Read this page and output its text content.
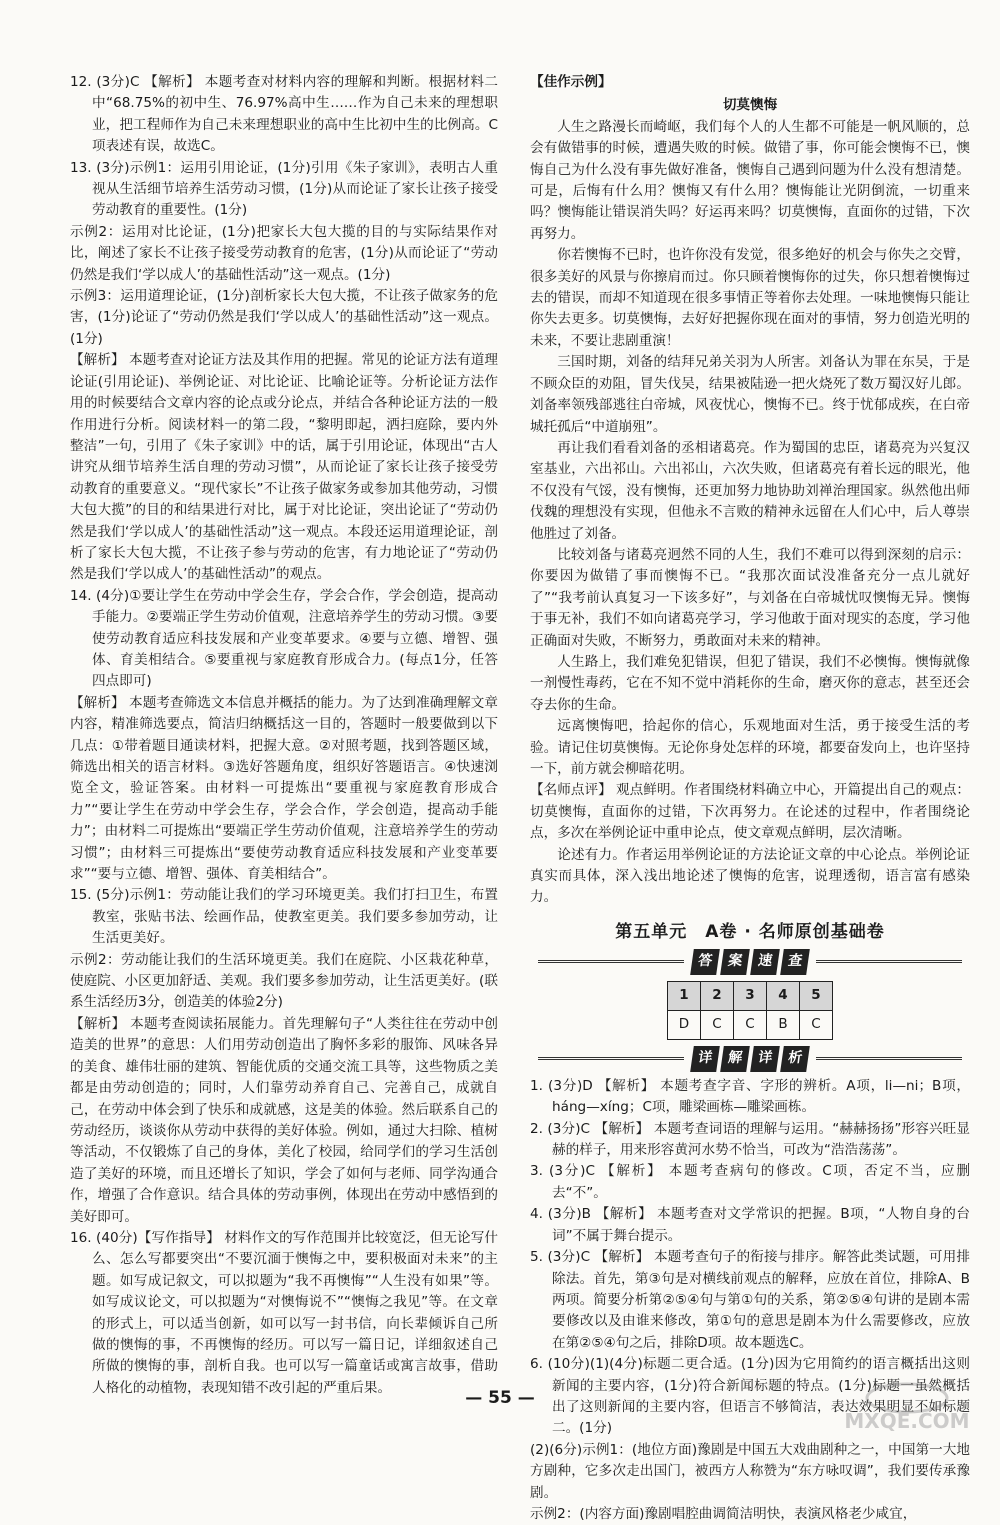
12. (3分)C 【解析】 本题考查对材料内容的理解和判断。根据材料二中“68.75%的初中生、76.97%高中生……作为自己未来的理想职业，把工程师作为自己未来理想职业的高中生比初中生的比例高。C项表述有误，故选C。

13. (3分)示例1：运用引用论证，(1分)引用《朱子家训》，表明古人重视从生活细节培养生活劳动习惯，(1分)从而论证了家长让孩子接受劳动教育的重要性。(1分)

示例2：运用对比论证，(1分)把家长大包大揽的目的与实际结果作对比，阐述了家长不让孩子接受劳动教育的危害，(1分)从而论证了“劳动仍然是我们‘学以成人’的基础性活动”这一观点。(1分)

示例3：运用道理论证，(1分)剖析家长大包大揽，不让孩子做家务的危害，(1分)论证了“劳动仍然是我们‘学以成人’的基础性活动”这一观点。(1分)

【解析】 本题考查对论证方法及其作用的把握。常见的论证方法有道理论证(引用论证)、举例论证、对比论证、比喻论证等。分析论证方法作用的时候要结合文章内容的论点或分论点，并结合各种论证方法的一般作用进行分析。阅读材料一的第二段，“黎明即起，洒扫庭除，要内外整洁”一句，引用了《朱子家训》中的话，属于引用论证，体现出“古人讲究从细节培养生活自理的劳动习惯”，从而论证了家长让孩子接受劳动教育的重要意义。“现代家长”不让孩子做家务或参加其他劳动，习惯大包大揽”的目的和结果进行对比，属于对比论证，突出论证了“劳动仍然是我们‘学以成人’的基础性活动”这一观点。本段还运用道理论证，剖析了家长大包大揽，不让孩子参与劳动的危害，有力地论证了“劳动仍然是我们‘学以成人’的基础性活动”的观点。

14. (4分)①要让学生在劳动中学会生存，学会合作，学会创造，提高动手能力。②要端正学生劳动价值观，注意培养学生的劳动习惯。③要使劳动教育适应科技发展和产业变革要求。④要与立德、增智、强体、育美相结合。⑤要重视与家庭教育形成合力。(每点1分，任答四点即可)

【解析】 本题考查筛选文本信息并概括的能力。为了达到准确理解文章内容，精准筛选要点，简洁归纳概括这一目的，答题时一般要做到以下几点：①带着题目通读材料，把握大意。②对照考题，找到答题区域，筛选出相关的语言材料。③选好答题角度，组织好答题语言。④快速浏览全文，验证答案。由材料一可提炼出“要重视与家庭教育形成合力”“要让学生在劳动中学会生存，学会合作，学会创造，提高动手能力”；由材料二可提炼出“要端正学生劳动价值观，注意培养学生的劳动习惯”；由材料三可提炼出“要使劳动教育适应科技发展和产业变革要求”“要与立德、增智、强体、育美相结合”。

15. (5分)示例1：劳动能让我们的学习环境更美。我们打扫卫生，布置教室，张贴书法、绘画作品，使教室更美。我们要多参加劳动，让生活更美好。

示例2：劳动能让我们的生活环境更美。我们在庭院、小区栽花种草，使庭院、小区更加舒适、美观。我们要多参加劳动，让生活更美好。(联系生活经历3分，创造美的体验2分)

【解析】 本题考查阅读拓展能力。首先理解句子“人类往往在劳动中创造美的世界”的意思：人们用劳动创造出了胸怀多彩的服饰、风味各异的美食、雄伟壮丽的建筑、智能优质的交通交流工具等，这些物质之美都是由劳动创造的；同时，人们靠劳动养育自己、完善自己，成就自己，在劳动中体会到了快乐和成就感，这是美的体验。然后联系自己的劳动经历，谈谈你从劳动中获得的美好体验。例如，通过大扫除、植树等活动，不仅锻炼了自己的身体，美化了校园，给同学们的学习生活创造了美好的环境，而且还增长了知识，学会了如何与老师、同学沟通合作，增强了合作意识。结合具体的劳动事例，体现出在劳动中感悟到的美好即可。

16. (40分)【写作指导】 材料作文的写作范围并比较宽泛，但无论写什么、怎么写都要突出“不要沉湎于懊悔之中，要积极面对未来”的主题。如写成记叙文，可以拟题为“我不再懊悔”“人生没有如果”等。如写成议论文，可以拟题为“对懊悔说不”“懊悔之我见”等。在文章的形式上，可以适当创新，如可以写一封书信，向长辈倾诉自己所做的懊悔的事，不再懊悔的经历。可以写一篇日记，详细叙述自己所做的懊悔的事，剖析自我。也可以写一篇童话或寓言故事，借助人格化的动植物，表现知错不改引起的严重后果。

【佳作示例】

切莫懊悔

人生之路漫长而崎岖，我们每个人的人生都不可能是一帆风顺的，总会有做错事的时候，遭遇失败的时候。做错了事，你可能会懊悔不已，懊悔自己为什么没有事先做好准备，懊悔自己遇到问题为什么没有想清楚。可是，后悔有什么用？懊悔又有什么用？懊悔能让光阴倒流，一切重来吗？懊悔能让错误消失吗？好运再来吗？切莫懊悔，直面你的过错，下次再努力。

你若懊悔不已时，也许你没有发觉，很多绝好的机会与你失之交臂，很多美好的风景与你擦肩而过。你只顾着懊悔你的过失，你只想着懊悔过去的错误，而却不知道现在很多事情正等着你去处理。一味地懊悔只能让你失去更多。切莫懊悔，去好好把握你现在面对的事情，努力创造光明的未来，不要让悲剧重演！

三国时期，刘备的结拜兄弟关羽为人所害。刘备认为罪在东吴，于是不顾众臣的劝阻，冒失伐吴，结果被陆逊一把火烧死了数万蜀汉好儿郎。刘备率领残部逃往白帝城，风夜忧心，懊悔不已。终于忧郁成疾，在白帝城托孤后“中道崩殂”。

再让我们看看刘备的丞相诸葛亮。作为蜀国的忠臣，诸葛亮为兴复汉室基业，六出祁山。六出祁山，六次失败，但诸葛亮有着长远的眼光，他不仅没有气馁，没有懊悔，还更加努力地协助刘禅治理国家。纵然他出师伐魏的理想没有实现，但他永不言败的精神永远留在人们心中，后人尊崇他胜过了刘备。

比较刘备与诸葛亮迥然不同的人生，我们不难可以得到深刻的启示：你要因为做错了事而懊悔不已。“我那次面试没准备充分一点儿就好了”“我考前认真复习一下该多好”，与刘备在白帝城忧叹懊悔无异。懊悔于事无补，我们不如向诸葛亮学习，学习他敢于面对现实的态度，学习他正确面对失败，不断努力，勇敢面对未来的精神。

人生路上，我们难免犯错误，但犯了错误，我们不必懊悔。懊悔就像一剂慢性毒药，它在不知不觉中消耗你的生命，磨灭你的意志，甚至还会夺去你的生命。

远离懊悔吧，拾起你的信心，乐观地面对生活，勇于接受生活的考验。请记住切莫懊悔。无论你身处怎样的环境，都要奋发向上，也许坚持一下，前方就会柳暗花明。

【名师点评】 观点鲜明。作者围绕材料确立中心，开篇提出自己的观点：切莫懊悔，直面你的过错，下次再努力。在论述的过程中，作者围绕论点，多次在举例论证中重申论点，使文章观点鲜明，层次清晰。

论述有力。作者运用举例论证的方法论证文章的中心论点。举例论证真实而具体，深入浅出地论述了懊悔的危害，说理透彻，语言富有感染力。

第五单元　A卷 · 名师原创基础卷
答 案 速 查
1	2	3	4	5
D	C	C	B	C
详 解 详 析

1. (3分)D 【解析】 本题考查字音、字形的辨析。A项，li—ni；B项，háng—xíng；C项，雕梁画栋—雕梁画栋。

2. (3分)C 【解析】 本题考查词语的理解与运用。“赫赫扬扬”形容兴旺显赫的样子，用来形容黄河水势不恰当，可改为“浩浩荡荡”。

3. (3分)C 【解析】 本题考查病句的修改。C项，否定不当，应删去“不”。

4. (3分)B 【解析】 本题考查对文学常识的把握。B项，“人物自身的台词”不属于舞台提示。

5. (3分)C 【解析】 本题考查句子的衔接与排序。解答此类试题，可用排除法。首先，第③句是对横线前观点的解释，应放在首位，排除A、B两项。简要分析第②⑤④句与第①句的关系，第②⑤④句讲的是剧本需要修改以及由谁来修改，第①句的意思是剧本为什么需要修改，应放在第②⑤④句之后，排除D项。故本题选C。

6. (10分)(1)(4分)标题二更合适。(1分)因为它用简约的语言概括出这则新闻的主要内容，(1分)符合新闻标题的特点。(1分)标题一虽然概括出了这则新闻的主要内容，但语言不够简洁，表达效果明显不如标题二。(1分)

(2)(6分)示例1：(地位方面)豫剧是中国五大戏曲剧种之一，中国第一大地方剧种，它多次走出国门，被西方人称赞为“东方咏叹调”，我们要传承豫剧。

示例2：(内容方面)豫剧唱腔曲调简洁明快，表演风格老少咸宜，

— 55 —
MXQE.COM
